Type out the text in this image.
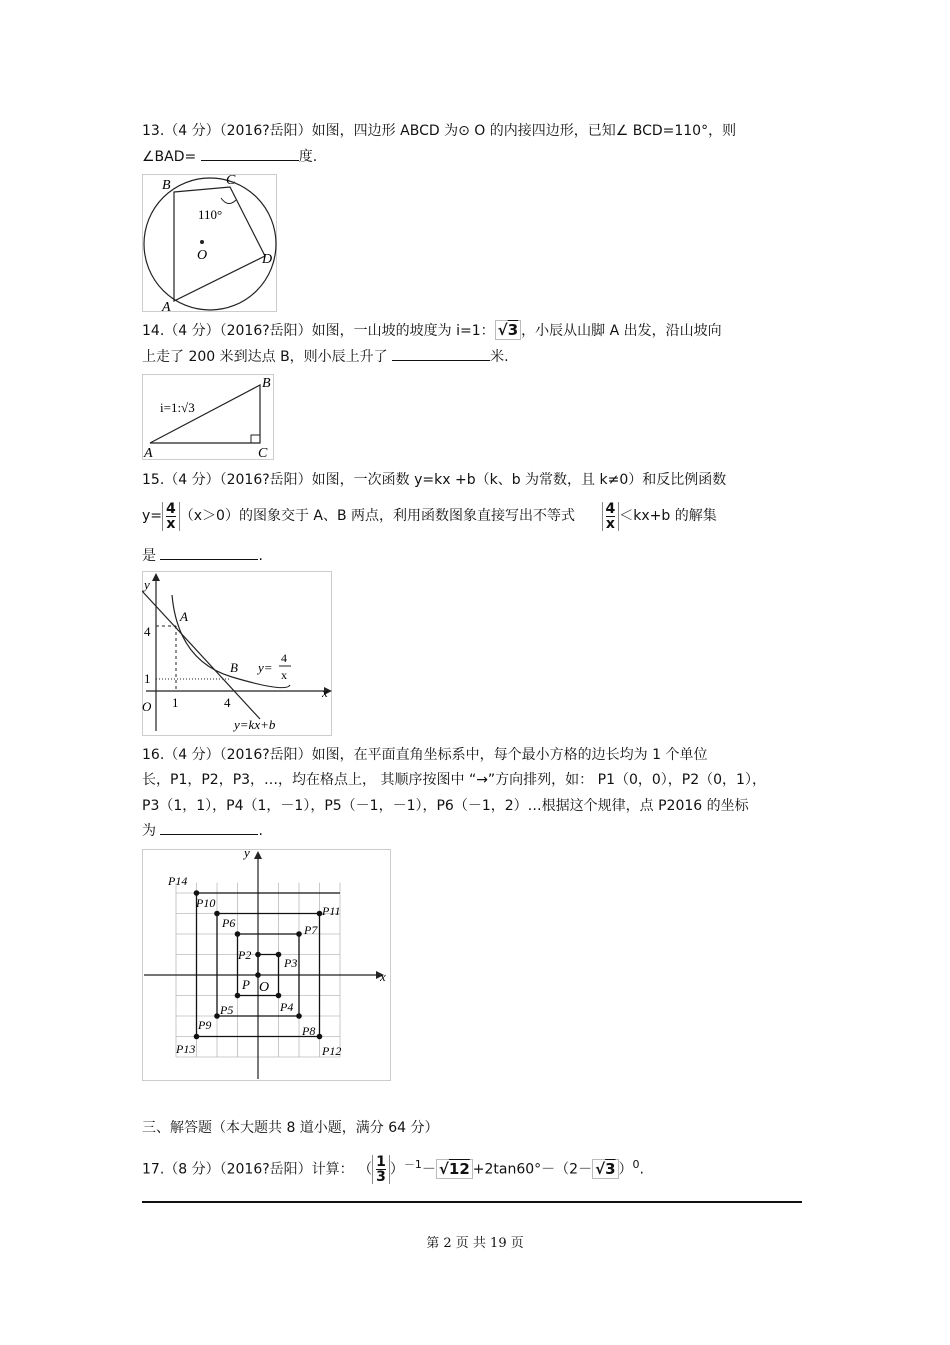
13.（4 分）（2016?岳阳）如图，四边形 ABCD 为⊙ O 的内接四边形，已知∠ BCD=110°，则
∠BAD=	度.
B	C
110°
O	D
A
14.（4 分）（2016?岳阳）如图，一山坡的坡度为 i=1： √3 ，小辰从山脚 A 出发，沿山坡向
上走了 200 米到达点 B，则小辰上升了	米.
i=1:√3
A
B
C
15.（4 分）（2016?岳阳）如图，一次函数 y=kx +b（k、b 为常数，且 k≠0）和反比例函数
$y= \frac{4}{x} (x>0)$的图象交于 A、B 两点，利用函数图象直接写出不等式 $\frac{4}{x} <kx+b$ 的解集
是	.
y
x
O
A
B
4
1
1	4
y=
4
x
y=kx+b
16.（4 分）（2016?岳阳）如图，在平面直角坐标系中，每个最小方格的边长均为 1 个单位
长，P1，P2，P3，…，均在格点上， 其顺序按图中 “→”方向排列，如： P1（0，0），P2（0，1），
P3（1，1），P4（1，－1），P5（－1，－1），P6（－1，2）…根据这个规律，点 P2016 的坐标
为	.
y
x
O
P
P2
P3
P4
P5
P6	P7
P8
P9
P10
P11
P12
P13
P14
三、解答题（本大题共 8 道小题，满分 64 分）
17.（8 分）（2016?岳阳）计算： （ $\frac{1}{3} )^{-1}- √12 +2\tan 60^\circ-(2- √3$ ）$^0$.
第 2 页 共 19 页
